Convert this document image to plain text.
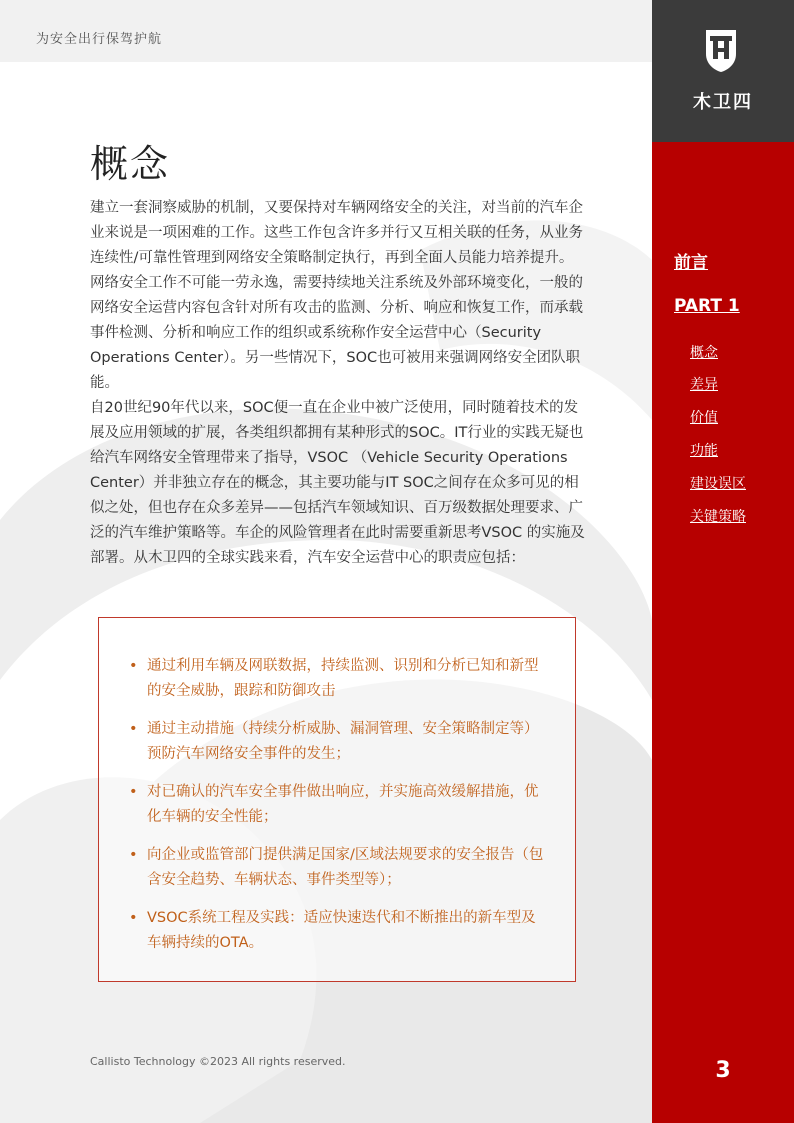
为安全出行保驾护航
概念

建立一套洞察威胁的机制，又要保持对车辆网络安全的关注，对当前的汽车企业来说是一项困难的工作。这些工作包含许多并行又互相关联的任务，从业务连续性/可靠性管理到网络安全策略制定执行，再到全面人员能力培养提升。

网络安全工作不可能一劳永逸，需要持续地关注系统及外部环境变化，一般的网络安全运营内容包含针对所有攻击的监测、分析、响应和恢复工作，而承载事件检测、分析和响应工作的组织或系统称作安全运营中心（Security Operations Center）。另一些情况下，SOC也可被用来强调网络安全团队职能。

自20世纪90年代以来，SOC便一直在企业中被广泛使用，同时随着技术的发展及应用领域的扩展，各类组织都拥有某种形式的SOC。IT行业的实践无疑也给汽车网络安全管理带来了指导，VSOC （Vehicle Security Operations Center）并非独立存在的概念，其主要功能与IT SOC之间存在众多可见的相似之处，但也存在众多差异——包括汽车领域知识、百万级数据处理要求、广泛的汽车维护策略等。车企的风险管理者在此时需要重新思考VSOC 的实施及部署。从木卫四的全球实践来看，汽车安全运营中心的职责应包括：

• 通过利用车辆及网联数据，持续监测、识别和分析已知和新型的安全威胁，跟踪和防御攻击
• 通过主动措施（持续分析威胁、漏洞管理、安全策略制定等）预防汽车网络安全事件的发生；
• 对已确认的汽车安全事件做出响应，并实施高效缓解措施，优化车辆的安全性能；
• 向企业或监管部门提供满足国家/区域法规要求的安全报告（包含安全趋势、车辆状态、事件类型等）；
• VSOC系统工程及实践：适应快速迭代和不断推出的新车型及车辆持续的OTA。
Callisto Technology ©2023 All rights reserved.
木卫四
前言
PART 1
概念
差异
价值
功能
建设误区
关键策略
3
